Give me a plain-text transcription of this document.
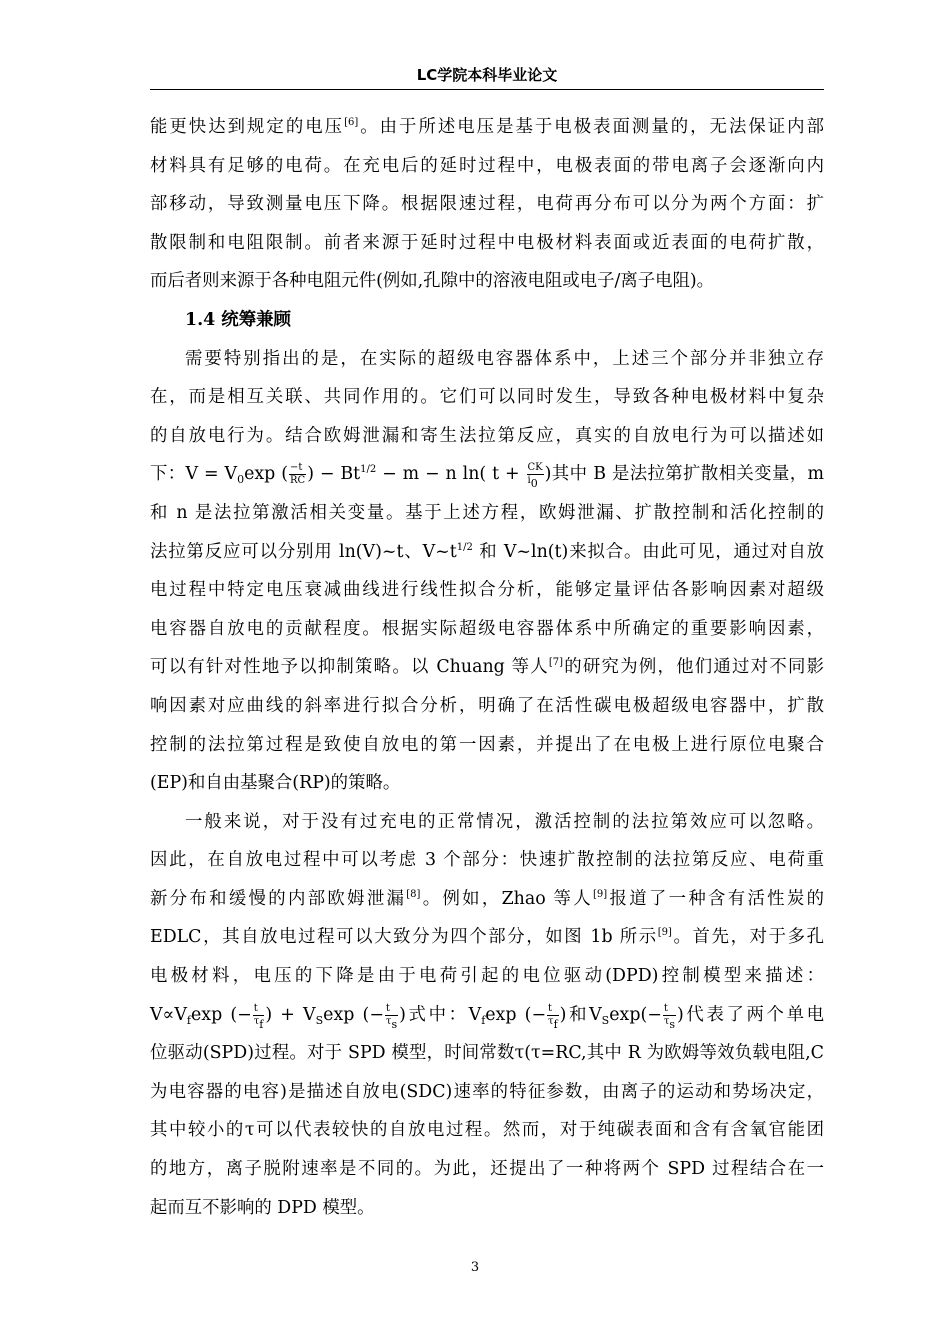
LC学院本科毕业论文
能更快达到规定的电压[6]。由于所述电压是基于电极表面测量的，无法保证内部
材料具有足够的电荷。在充电后的延时过程中，电极表面的带电离子会逐渐向内
部移动，导致测量电压下降。根据限速过程，电荷再分布可以分为两个方面：扩
散限制和电阻限制。前者来源于延时过程中电极材料表面或近表面的电荷扩散，
而后者则来源于各种电阻元件(例如,孔隙中的溶液电阻或电子/离子电阻)。
1.4 统筹兼顾
需要特别指出的是，在实际的超级电容器体系中，上述三个部分并非独立存
在，而是相互关联、共同作用的。它们可以同时发生，导致各种电极材料中复杂
的自放电行为。结合欧姆泄漏和寄生法拉第反应，真实的自放电行为可以描述如
下：$V = V_0\exp$ ( $\frac{-t}{RC}$ ) − $Bt^{1/2} - m - n$ ln( $t + \frac{CK}{i_0}$ )其中 B 是法拉第扩散相关变量，m
和 n 是法拉第激活相关变量。基于上述方程，欧姆泄漏、扩散控制和活化控制的
法拉第反应可以分别用 ln(V)~t、$V\sim t^{1/2}$ 和 V~ln(t)来拟合。由此可见，通过对自放
电过程中特定电压衰减曲线进行线性拟合分析，能够定量评估各影响因素对超级
电容器自放电的贡献程度。根据实际超级电容器体系中所确定的重要影响因素，
可以有针对性地予以抑制策略。以 Chuang 等人[7]的研究为例，他们通过对不同影
响因素对应曲线的斜率进行拟合分析，明确了在活性碳电极超级电容器中，扩散
控制的法拉第过程是致使自放电的第一因素，并提出了在电极上进行原位电聚合
(EP)和自由基聚合(RP)的策略。
一般来说，对于没有过充电的正常情况，激活控制的法拉第效应可以忽略。
因此，在自放电过程中可以考虑 3 个部分：快速扩散控制的法拉第反应、电荷重
新分布和缓慢的内部欧姆泄漏[8]。例如，Zhao 等人[9]报道了一种含有活性炭的
EDLC，其自放电过程可以大致分为四个部分，如图 1b 所示[9]。首先，对于多孔
电极材料，电压的下降是由于电荷引起的电位驱动(DPD)控制模型来描述：
$V\propto V_f\exp$ (− $\frac{t}{\tau_f}$ ) + $V_S\exp$ (− $\frac{t}{\tau_s}$ )式中：$V_f\exp$ (− $\frac{t}{\tau_f}$ )和$V_S\exp(- \frac{t}{\tau_s}$ )代表了两个单电
位驱动(SPD)过程。对于 SPD 模型，时间常数τ(τ=RC,其中 R 为欧姆等效负载电阻,C
为电容器的电容)是描述自放电(SDC)速率的特征参数，由离子的运动和势场决定，
其中较小的τ可以代表较快的自放电过程。然而，对于纯碳表面和含有含氧官能团
的地方，离子脱附速率是不同的。为此，还提出了一种将两个 SPD 过程结合在一
起而互不影响的 DPD 模型。
3
